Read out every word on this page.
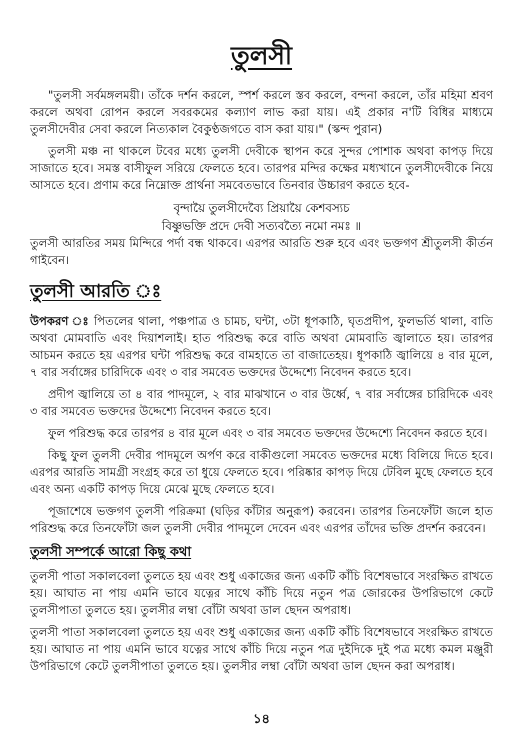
তুলসী

"তুলসী সর্বমঙ্গলময়ী। তাঁকে দর্শন করলে, স্পর্শ করলে স্তব করলে, বন্দনা করলে, তাঁর মহিমা শ্রবণ করলে অথবা রোপন করলে সবরকমের কল্যাণ লাভ করা যায়। এই প্রকার ন'টি বিধির মাধ্যমে তুলসীদেবীর সেবা করলে নিত্যকাল বৈকুণ্ঠজগতে বাস করা যায়।" (স্কন্দ পুরান)

তুলসী মঞ্চ না থাকলে টবের মধ্যে তুলসী দেবীকে স্থাপন করে সুন্দর পোশাক অথবা কাপড় দিয়ে সাজাতে হবে। সমস্ত বাসীফুল সরিয়ে ফেলতে হবে। তারপর মন্দির কক্ষের মধ্যখানে তুলসীদেবীকে নিয়ে আসতে হবে। প্রণাম করে নিম্নোক্ত প্রার্থনা সমবেতভাবে তিনবার উচ্চারণ করতে হবে-

বৃন্দায়ৈ তুলসীদেব্যৈ প্রিয়ায়ৈ কেশবস্যচ
বিষ্ণুভক্তি প্রদে দেবী সত্যবত্যৈ নমো নমঃ ॥

তুলসী আরতির সময় মিন্দিরে পর্দা বন্ধ থাকবে। এরপর আরতি শুরু হবে এবং ভক্তগণ শ্রীতুলসী কীর্তন গাইবেন।

তুলসী আরতি ঃ

উপকরণ ঃ পিতলের থালা, পঞ্চপাত্র ও চামচ, ঘন্টা, ৩টা ধূপকাঠি, ঘৃতপ্রদীপ, ফুলভর্তি থালা, বাতি অথবা মোমবাতি এবং দিয়াশলাই। হাত পরিশুদ্ধ করে বাতি অথবা মোমবাতি জ্বালাতে হয়। তারপর আচমন করতে হয় এরপর ঘন্টা পরিশুদ্ধ করে বামহাতে তা বাজাতেহয়। ধূপকাঠি জ্বালিয়ে ৪ বার মূলে, ৭ বার সর্বাঙ্গের চারিদিকে এবং ৩ বার সমবেত ভক্তদের উদ্দেশ্যে নিবেদন করতে হবে।

প্রদীপ জ্বালিয়ে তা ৪ বার পাদমূলে, ২ বার মাঝখানে ৩ বার উর্ধ্বে, ৭ বার সর্বাঙ্গের চারিদিকে এবং ৩ বার সমবেত ভক্তদের উদ্দেশ্যে নিবেদন করতে হবে।

ফুল পরিশুদ্ধ করে তারপর ৪ বার মূলে এবং ৩ বার সমবেত ভক্তদের উদ্দেশ্যে নিবেদন করতে হবে।

কিছু ফুল তুলসী দেবীর পাদমূলে অর্পণ করে বাকীগুলো সমবেত ভক্তদের মধ্যে বিলিয়ে দিতে হবে। এরপর আরতি সামগ্রী সংগ্রহ করে তা ধুয়ে ফেলতে হবে। পরিষ্কার কাপড় দিয়ে টেবিল মুছে ফেলতে হবে এবং অন্য একটি কাপড় দিয়ে মেঝে মুছে ফেলতে হবে।

পূজাশেষে ভক্তগণ তুলসী পরিক্রমা (ঘড়ির কাঁটার অনুরূপ) করবেন। তারপর তিনফোঁটা জলে হাত পরিশুদ্ধ করে তিনফোঁটা জল তুলসী দেবীর পাদমূলে দেবেন এবং এরপর তাঁদের ভক্তি প্রদর্শন করবেন।

তুলসী সম্পর্কে আরো কিছু কথা

তুলসী পাতা সকালবেলা তুলতে হয় এবং শুধু একাজের জন্য একটি কাঁচি বিশেষভাবে সংরক্ষিত রাখতে হয়। আঘাত না পায় এমনি ভাবে যত্নের সাথে কাঁচি দিয়ে নতুন পত্র জোরকের উপরিভাগে কেটে তুলসীপাতা তুলতে হয়। তুলসীর লম্বা বোঁটা অথবা ডাল ছেদন অপরাধ।

তুলসী পাতা সকালবেলা তুলতে হয় এবং শুধু একাজের জন্য একটি কাঁচি বিশেষভাবে সংরক্ষিত রাখতে হয়। আঘাত না পায় এমনি ভাবে যত্নের সাথে কাঁচি দিয়ে নতুন পত্র দুইদিকে দুই পত্র মধ্যে কমল মঞ্জুরী উপরিভাগে কেটে তুলসীপাতা তুলতে হয়। তুলসীর লম্বা বোঁটা অথবা ডাল ছেদন করা অপরাধ।

১৪
